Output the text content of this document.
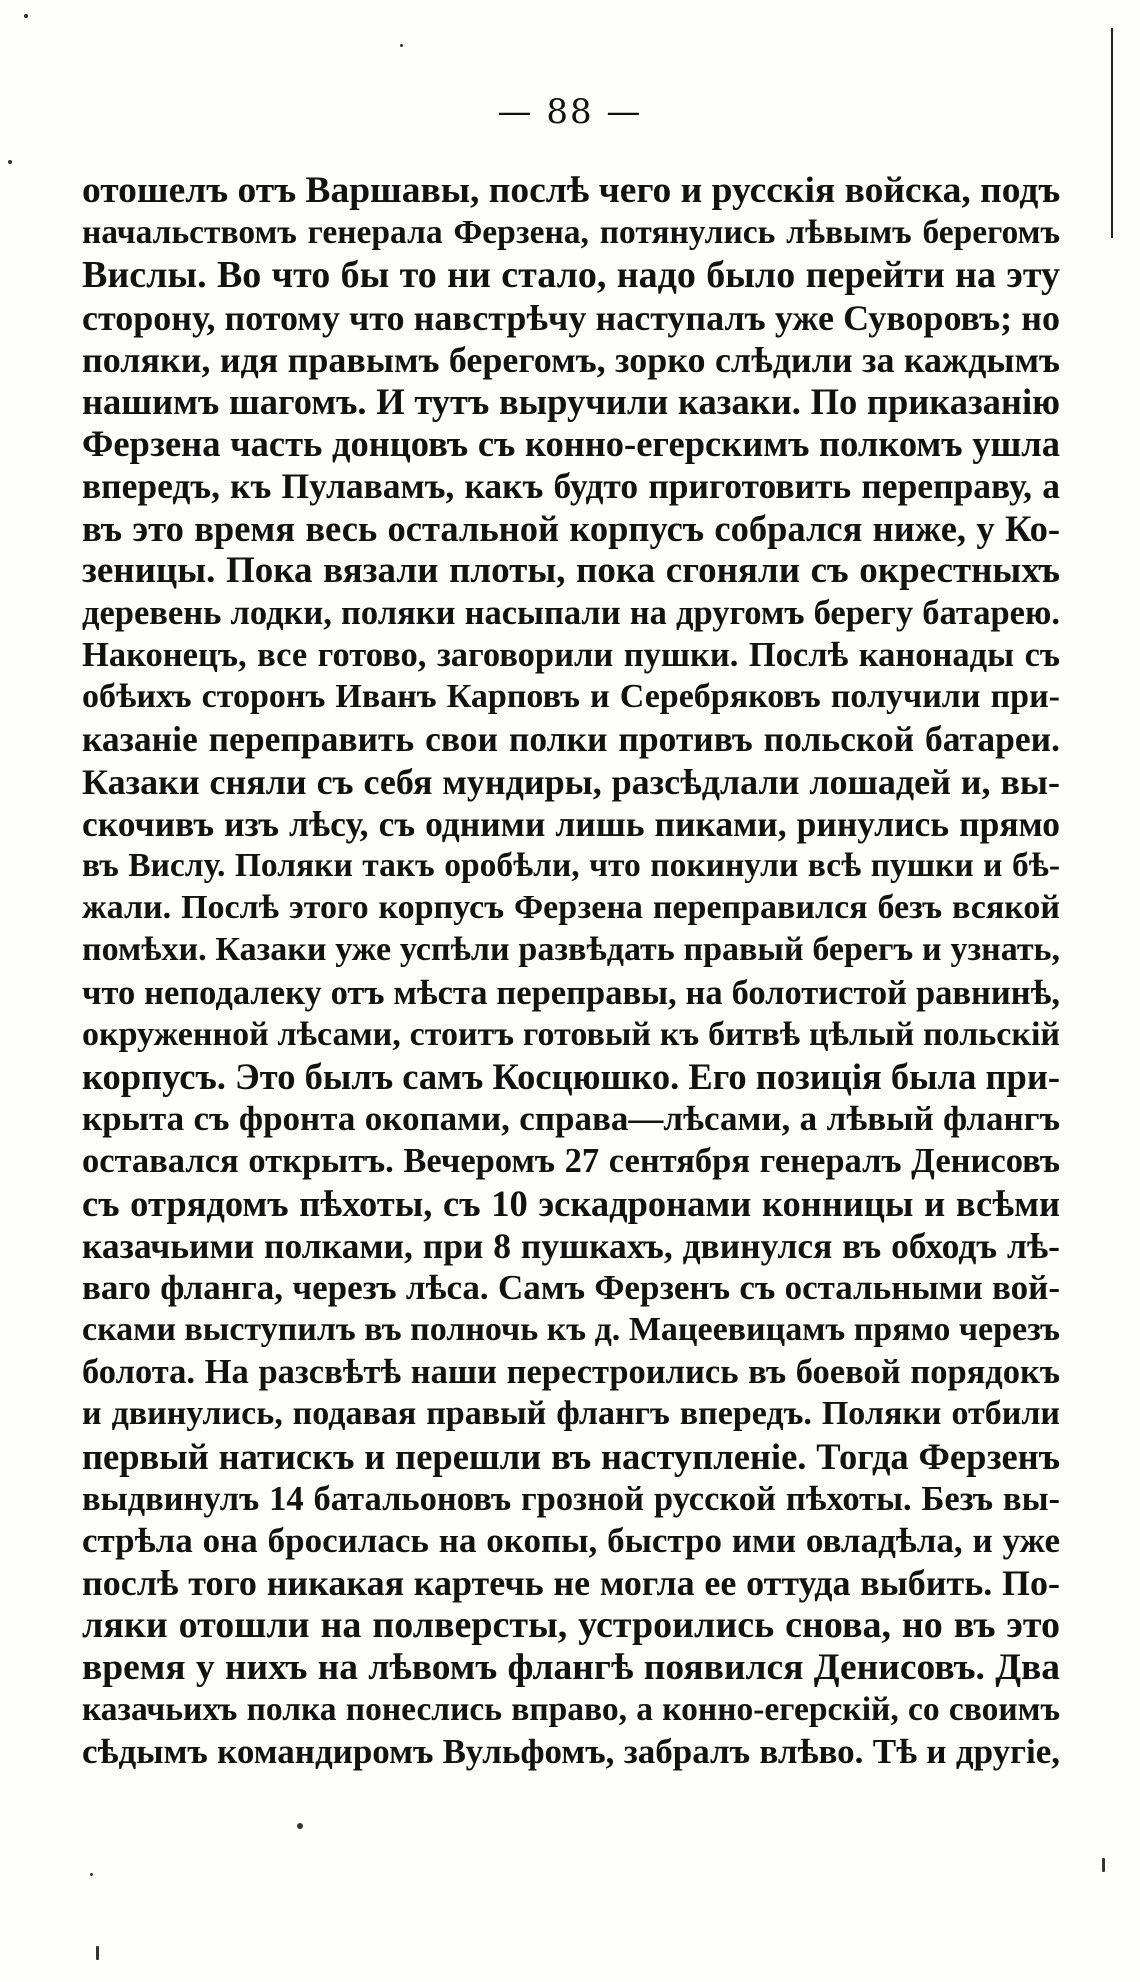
— 88 —
отошелъ отъ Варшавы, послѣ чего и русскія войска, подъ
начальствомъ генерала Ферзена, потянулись лѣвымъ берегомъ
Вислы. Во что бы то ни стало, надо было перейти на эту
сторону, потому что навстрѣчу наступалъ уже Суворовъ; но
поляки, идя правымъ берегомъ, зорко слѣдили за каждымъ
нашимъ шагомъ. И тутъ выручили казаки. По приказанію
Ферзена часть донцовъ съ конно-егерскимъ полкомъ ушла
впередъ, къ Пулавамъ, какъ будто приготовить переправу, а
въ это время весь остальной корпусъ собрался ниже, у Ко-
зеницы. Пока вязали плоты, пока сгоняли съ окрестныхъ
деревень лодки, поляки насыпали на другомъ берегу батарею.
Наконецъ, все готово, заговорили пушки. Послѣ канонады съ
обѣихъ сторонъ Иванъ Карповъ и Серебряковъ получили при-
казаніе переправить свои полки противъ польской батареи.
Казаки сняли съ себя мундиры, разсѣдлали лошадей и, вы-
скочивъ изъ лѣсу, съ одними лишь пиками, ринулись прямо
въ Вислу. Поляки такъ оробѣли, что покинули всѣ пушки и бѣ-
жали. Послѣ этого корпусъ Ферзена переправился безъ всякой
помѣхи. Казаки уже успѣли развѣдать правый берегъ и узнать,
что неподалеку отъ мѣста переправы, на болотистой равнинѣ,
окруженной лѣсами, стоитъ готовый къ битвѣ цѣлый польскій
корпусъ. Это былъ самъ Косцюшко. Его позиція была при-
крыта съ фронта окопами, справа—лѣсами, а лѣвый флангъ
оставался открытъ. Вечеромъ 27 сентября генералъ Денисовъ
съ отрядомъ пѣхоты, съ 10 эскадронами конницы и всѣми
казачьими полками, при 8 пушкахъ, двинулся въ обходъ лѣ-
ваго фланга, черезъ лѣса. Самъ Ферзенъ съ остальными вой-
сками выступилъ въ полночь къ д. Мацеевицамъ прямо черезъ
болота. На разсвѣтѣ наши перестроились въ боевой порядокъ
и двинулись, подавая правый флангъ впередъ. Поляки отбили
первый натискъ и перешли въ наступленіе. Тогда Ферзенъ
выдвинулъ 14 батальоновъ грозной русской пѣхоты. Безъ вы-
стрѣла она бросилась на окопы, быстро ими овладѣла, и уже
послѣ того никакая картечь не могла ее оттуда выбить. По-
ляки отошли на полверсты, устроились снова, но въ это
время у нихъ на лѣвомъ флангѣ появился Денисовъ. Два
казачьихъ полка понеслись вправо, а конно-егерскій, со своимъ
сѣдымъ командиромъ Вульфомъ, забралъ влѣво. Тѣ и другіе,
